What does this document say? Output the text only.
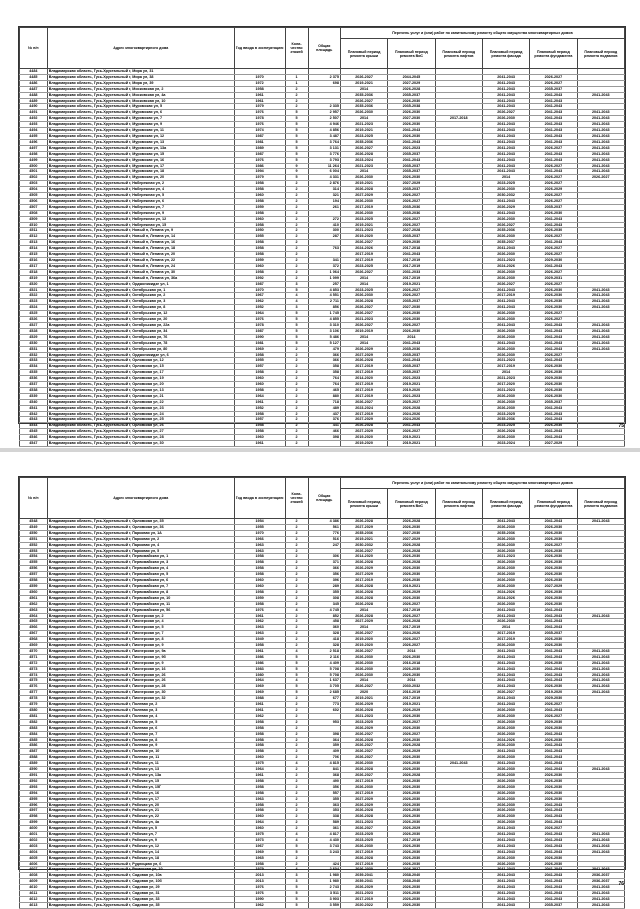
№ п/п	Адрес многоквартирного дома	Год ввода в эксплуатацию	Коли-чество этажей	Общая площадь	Перечень услуг и (или) работ по капитальному ремонту общего имущества многоквартирных домов					
					Плановый период ремонта крыши	Плановый период ремонта ВиС	Плановый период ремонта лифтов	Плановый период ремонта фасада	Плановый период ремонта фундамента	Плановый период ремонта подвалов
4484	Владимирская область, Гусь-Хрустальный г, Мира ул, 31									
4485	Владимирская область, Гусь-Хрустальный г, Мира ул, 38	1970	1	2 375	2026-2027	2044-2045		2041-2043	2026-2027	
4486	Владимирская область, Гусь-Хрустальный г, Мира ул, 39	1972	1	698	2019-2021	2027-2029		2041-2043	2026-2027	
4487	Владимирская область, Гусь-Хрустальный г, Московская ул, 2	1958	2		2014	2026-2028		2041-2043	2035-2037	
4488	Владимирская область, Гусь-Хрустальный г, Московская ул, 4а	1961	2		2035-2036	2035-2037		2041-2043	2041-2043	2041-2043
4489	Владимирская область, Гусь-Хрустальный г, Московская ул, 10	1961	2		2026-2027	2026-2030		2041-2043	2041-2043	
4490	Владимирская область, Гусь-Хрустальный г, Муромская ул, 5	1979	2	2 335	2035-2036	2035-2038		2041-2043	2041-2043	
4491	Владимирская область, Гусь-Хрустальный г, Муромская ул, 6	1976	5	2 957	2026-2030	2026-2030		2026-2027	2041-2043	2041-2043
4492	Владимирская область, Гусь-Хрустальный г, Муромская ул, 7	1978	5	2 507	2014	2027-2030	2017-2018	2026-2030	2041-2043	2041-2043
4493	Владимирская область, Гусь-Хрустальный г, Муромская ул, 9	1976	5	4 946	2021-2023	2026-2030		2041-2043	2041-2043	2041-2043
4494	Владимирская область, Гусь-Хрустальный г, Муромская ул, 11	1974	5	4 856	2019-2021	2041-2043		2041-2043	2041-2043	2041-2043
4495	Владимирская область, Гусь-Хрустальный г, Муромская ул, 12	1987	5	3 487	2023-2025	2026-2030		2041-2043	2041-2043	2041-2043
4496	Владимирская область, Гусь-Хрустальный г, Муромская ул, 13	1981	5	3 764	2035-2036	2041-2043		2041-2043	2041-2043	2041-2043
4497	Владимирская область, Гусь-Хрустальный г, Муромская ул, 13а	1989	5	3 131	2026-2027	2021-2023		2041-2043	2026-2027	2041-2043
4498	Владимирская область, Гусь-Хрустальный г, Муромская ул, 15	1987	5	3 776	2026-2028	2035-2037		2041-2043	2041-2043	2041-2043
4499	Владимирская область, Гусь-Хрустальный г, Муромская ул, 16	1976	5	3 793	2023-2024	2041-2043		2041-2043	2041-2043	2041-2043
4500	Владимирская область, Гусь-Хрустальный г, Муромская ул, 17	1986	9	11 264	2021-2023	2035-2037		2041-2043	2026-2027	2041-2043
4501	Владимирская область, Гусь-Хрустальный г, Муромская ул, 18	1994	9	6 004	2014	2035-2037		2041-2043	2041-2043	2041-2043
4502	Владимирская область, Гусь-Хрустальный г, Муромская ул, 20	1979	5	4 331	2026-2030	2026-2030		2014	2026-2027	2026-2027
4503	Владимирская область, Гусь-Хрустальный г, Набережная ул, 2	1958	2	2 876	2019-2021	2027-2029		2023-2025	2026-2027	
4504	Владимирская область, Гусь-Хрустальный г, Набережная ул, 4	1958	2	314	2026-2028	2035-2037		2026-2030	2026-2029	
4505	Владимирская область, Гусь-Хрустальный г, Набережная ул, 5	1960	2	321	2027-2029	2026-2027		2030-2032	2026-2027	
4506	Владимирская область, Гусь-Хрустальный г, Набережная ул, 6	1958	2	194	2026-2030	2026-2027		2041-2043	2026-2027	
4507	Владимирская область, Гусь-Хрустальный г, Набережная ул, 7	1959	2	261	2017-2019	2035-2036		2026-2029	2035-2037	
4508	Владимирская область, Гусь-Хрустальный г, Набережная ул, 9	1958	2		2026-2030	2035-2036		2041-2043	2026-2030	
4509	Владимирская область, Гусь-Хрустальный г, Набережная ул, 12	1960	2	272	2023-2025	2026-2027		2026-2030	2041-2043	
4510	Владимирская область, Гусь-Хрустальный г, Набережная ул, 15	1958	2	410	2019-2021	2026-2027		2026-2027	2041-2043	
4511	Владимирская область, Гусь-Хрустальный г, Новый п, Ленина ул, 9	1950	2	300	2021-2023	2027-2028		2035-2036	2026-2030	
4512	Владимирская область, Гусь-Хрустальный г, Новый п, Ленина ул, 14	1955	2	287	2019-2020	2035-2037		2026-2030	2026-2027	
4513	Владимирская область, Гусь-Хрустальный г, Новый п, Ленина ул, 16	1958	2		2026-2027	2029-2030		2035-2037	2041-2043	
4514	Владимирская область, Гусь-Хрустальный г, Новый п, Ленина ул, 18	1958	2	763	2024-2026	2017-2018		2041-2043	2026-2027	
4515	Владимирская область, Гусь-Хрустальный г, Новый п, Ленина ул, 20	1958	2		2017-2019	2041-2043		2026-2030	2026-2027	
4516	Владимирская область, Гусь-Хрустальный г, Новый п, Ленина ул, 22	1959	2	341	2017-2019	2017-2019		2021-2023	2029-2030	
4517	Владимирская область, Гусь-Хрустальный г, Новый п, Ленина ул, 24	1960	2	372	2023-2025	2017-2019		2024-2026	2041-2043	
4518	Владимирская область, Гусь-Хрустальный г, Новый п, Ленина ул, 30	1958	2	1 064	2026-2027	2031-2033		2026-2030	2026-2027	
4519	Владимирская область, Гусь-Хрустальный г, Новый п, Ленина ул, 36а	1992	2	1 099	2014	2017-2019		2026-2030	2029-2031	
4520	Владимирская область, Гусь-Хрустальный г, Орджоникидзе ул, 1	1987	3	257	2014	2019-2021		2026-2027	2026-2027	
4521	Владимирская область, Гусь-Хрустальный г, Октябрьская ул, 1	1970	5	4 853	2023-2025	2026-2027		2041-2043	2026-2030	2041-2043
4522	Владимирская область, Гусь-Хрустальный г, Октябрьская ул, 2	1967	4	4 551	2026-2030	2026-2027		2017-2019	2026-2030	2041-2043
4523	Владимирская область, Гусь-Хрустальный г, Октябрьская ул, 3	1962	4	2 711	2026-2028	2035-2037		2041-2043	2026-2030	2041-2043
4524	Владимирская область, Гусь-Хрустальный г, Октябрьская ул, 8	1952	3	856	2026-2027	2027-2030		2041-2043	2026-2030	2041-2043
4525	Владимирская область, Гусь-Хрустальный г, Октябрьская ул, 12	1964	5	1 745	2026-2027	2026-2030		2026-2030	2026-2027	
4526	Владимирская область, Гусь-Хрустальный г, Октябрьская ул, 20	1976	5	4 855	2021-2023	2026-2030		2026-2030	2026-2027	
4527	Владимирская область, Гусь-Хрустальный г, Октябрьская ул, 22а	1978	5	3 310	2026-2027	2026-2027		2041-2043	2041-2043	2041-2043
4528	Владимирская область, Гусь-Хрустальный г, Октябрьская ул, 34	1987	5	3 106	2019-2019	2026-2030		2026-2030	2041-2043	2041-2043
4529	Владимирская область, Гусь-Хрустальный г, Октябрьская ул, 76	1990	5	5 486	2014	2014		2026-2030	2041-2043	2041-2043
4530	Владимирская область, Гусь-Хрустальный г, Октябрьская ул, 78	1981	5	5 127	2014	2041-2043		2041-2043	2041-2043	2041-2043
4531	Владимирская область, Гусь-Хрустальный г, Октябрьская ул, 80	1969	2	479	2026-2029	2035-2036		2026-2030	2041-2043	2041-2043
4532	Владимирская область, Гусь-Хрустальный г, Орджоникидзе ул, 6	1958	2	366	2027-2029	2035-2037		2026-2030	2026-2027	
4533	Владимирская область, Гусь-Хрустальный г, Орловская ул, 12	1955	2	366	2026-2028	2041-2043		2021-2023	2041-2043	
4534	Владимирская область, Гусь-Хрустальный г, Орловская ул, 15	1957	2	358	2017-2019	2035-2037		2017-2019	2026-2030	
4535	Владимирская область, Гусь-Хрустальный г, Орловская ул, 17	1958	2	358	2017-2019	2035-2037		2014	2026-2030	
4536	Владимирская область, Гусь-Хрустальный г, Орловская ул, 19	1960	2	764	2014-2020	2021-2023		2021-2023	2029-2030	
4537	Владимирская область, Гусь-Хрустальный г, Орловская ул, 20	1960	2	764	2017-2019	2019-2021		2017-2020	2026-2030	
4538	Владимирская область, Гусь-Хрустальный г, Орловская ул, 13	1958	2	465	2017-2019	2019-2020		2021-2023	2026-2030	
4539	Владимирская область, Гусь-Хрустальный г, Орловская ул, 21	1964	2	880	2017-2019	2021-2023		2026-2030	2026-2030	
4540	Владимирская область, Гусь-Хрустальный г, Орловская ул, 22	1961	2	718	2026-2027	2025-2027		2026-2030	2035-2037	
4541	Владимирская область, Гусь-Хрустальный г, Орловская ул, 23	1952	2	489	2023-2024	2026-2028		2026-2030	2041-2043	
4542	Владимирская область, Гусь-Хрустальный г, Орловская ул, 24	1958	2	437	2017-2019	2024-2026		2023-2025	2041-2043	
4543	Владимирская область, Гусь-Хрустальный г, Орловская ул, 25	1957	2	376	2027-2029	2024-2026		2035-2036	2041-2043	
4544	Владимирская область, Гусь-Хрустальный г, Орловская ул, 26	1958	2	441	2026-2028	2041-2043		2023-2025	2026-2030	
4545	Владимирская область, Гусь-Хрустальный г, Орловская ул, 27	1958	2	466	2027-2029	2026-2027		2026-2028	2041-2043	
4546	Владимирская область, Гусь-Хрустальный г, Орловская ул, 28	1960	2	398	2019-2020	2019-2021		2026-2030	2041-2043	
4547	Владимирская область, Гусь-Хрустальный г, Орловская ул, 30	1961	2		2019-2020	2019-2021		2023-2024	2027-2029	
75
№ п/п	Адрес многоквартирного дома	Год ввода в эксплуатацию	Коли-чество этажей	Общая площадь	Перечень услуг и (или) работ по капитальному ремонту общего имущества многоквартирных домов					
					Плановый период ремонта крыши	Плановый период ремонта ВиС	Плановый период ремонта лифтов	Плановый период ремонта фасада	Плановый период ремонта фундамента	Плановый период ремонта подвалов
4548	Владимирская область, Гусь-Хрустальный г, Орловская ул, 35	1954	2	4 386	2026-2028	2026-2028		2041-2043	2041-2043	2041-2043
4549	Владимирская область, Гусь-Хрустальный г, Орловская ул, 36	1955	2	561	2027-2029	2026-2030		2026-2030	2026-2030	
4550	Владимирская область, Гусь-Хрустальный г, Парковая ул, 1А	1970	2	776	2035-2036	2027-2030		2035-2036	2026-2030	
4551	Владимирская область, Гусь-Хрустальный г, Парковая ул, 2	1966	2	516	2019-2021	2027-2029		2026-2030	2026-2030	
4552	Владимирская область, Гусь-Хрустальный г, Парковая ул, 4	1963	2	247	2030-2032	2026-2028		2026-2030	2026-2027	
4553	Владимирская область, Гусь-Хрустальный г, Парковая ул, 5	1963	2		2026-2027	2026-2028		2026-2030	2026-2030	
4554	Владимирская область, Гусь-Хрустальный г, Первомайская ул, 1	1958	2	306	2014-2020	2026-2030		2021-2023	2026-2030	
4555	Владимирская область, Гусь-Хрустальный г, Первомайская ул, 3	1958	2	371	2026-2028	2026-2028		2026-2030	2026-2030	
4556	Владимирская область, Гусь-Хрустальный г, Первомайская ул, 4	1958	2	366	2026-2029	2026-2030		2026-2030	2026-2030	
4557	Владимирская область, Гусь-Хрустальный г, Первомайская ул, 5	1958	2	356	2027-2029	2026-2030		2026-2030	2026-2030	
4558	Владимирская область, Гусь-Хрустальный г, Первомайская ул, 6	1960	2	396	2017-2019	2026-2030		2026-2030	2026-2030	
4559	Владимирская область, Гусь-Хрустальный г, Первомайская ул, 7	1960	2	289	2026-2028	2019-2021		2026-2030	2027-2029	
4560	Владимирская область, Гусь-Хрустальный г, Первомайская ул, 8	1958	2	355	2026-2028	2026-2029		2024-2026	2026-2030	
4561	Владимирская область, Гусь-Хрустальный г, Первомайская ул, 10	1959	2	308	2026-2028	2026-2030		2024-2026	2026-2030	
4562	Владимирская область, Гусь-Хрустальный г, Первомайская ул, 11	1958	2	345	2026-2028	2026-2027		2026-2030	2026-2030	
4563	Владимирская область, Гусь-Хрустальный г, Первомайская ул, 56	1976	4	4 745	2014	2017-2019		2041-2043	2041-2043	
4564	Владимирская область, Гусь-Хрустальный г, Пионерская ул, 2	1961	2	852	2026-2028	2026-2027		2041-2043	2041-2043	2041-2043
4565	Владимирская область, Гусь-Хрустальный г, Пионерская ул, 4	1962	2	458	2027-2029	2026-2028		2026-2030	2041-2043	
4566	Владимирская область, Гусь-Хрустальный г, Пионерская ул, 5	1963	2	360	2014	2017-2019		2014	2041-2043	
4567	Владимирская область, Гусь-Хрустальный г, Пионерская ул, 7	1963	2	328	2026-2027	2024-2026		2017-2019	2035-2037	
4568	Владимирская область, Гусь-Хрустальный г, Пионерская ул, 8	1949	2	418	2019-2020	2026-2027		2017-2019	2026-2030	
4569	Владимирская область, Гусь-Хрустальный г, Пионерская ул, 9	1958	2	328	2019-2020	2026-2027		2026-2030	2026-2030	
4570	Владимирская область, Гусь-Хрустальный г, Пионерская ул, 9а	1961	4	2 518	2026-2027	2014		2041-2043	2041-2043	2041-2043
4571	Владимирская область, Гусь-Хрустальный г, Пионерская ул, 9б	1986	5	2 116	2026-2030	2026-2030		2041-2043	2041-2043	2041-2043
4572	Владимирская область, Гусь-Хрустальный г, Пионерская ул, 9	1986	5	4 409	2026-2030	2016-2018		2041-2043	2026-2030	2041-2043
4573	Владимирская область, Гусь-Хрустальный г, Пионерская ул, 16	1983	5	5 708	2026-2030	2026-2030		2041-2043	2041-2043	2041-2043
4574	Владимирская область, Гусь-Хрустальный г, Пионерская ул, 26	1980	5	5 708	2026-2030	2026-2030		2041-2043	2041-2043	2041-2043
4575	Владимирская область, Гусь-Хрустальный г, Пионерская ул, 26	1964	4	1 637	2014	2014		2041-2043	2041-2043	2041-2043
4576	Владимирская область, Гусь-Хрустальный г, Пионерская ул, 28	1969	5	3 705	2026-2027	2030-2032		2041-2043	2026-2030	2041-2043
4577	Владимирская область, Гусь-Хрустальный г, Пионерская ул, 30	1969	5	2 685	2020	2016-2019		2026-2027	2019-2020	2041-2043
4578	Владимирская область, Гусь-Хрустальный г, Пионерская ул, 32	1988	2	677	2019-2021	2017-2019		2041-2043	2029-2030	
4579	Владимирская область, Гусь-Хрустальный г, Полевая ул, 2	1961	2	773	2026-2029	2019-2021		2041-2043	2026-2027	
4580	Владимирская область, Гусь-Хрустальный г, Полевая ул, 3	1961	2	602	2026-2028	2026-2029		2026-2030	2041-2043	
4581	Владимирская область, Гусь-Хрустальный г, Полевая ул, 4	1962	2		2021-2023	2026-2030		2026-2030	2026-2027	
4582	Владимирская область, Гусь-Хрустальный г, Полевая ул, 5	1958	2	953	2023-2025	2026-2027		2026-2030	2029-2030	
4583	Владимирская область, Гусь-Хрустальный г, Полевая ул, 6	1958	2		2026-2029	2026-2030		2026-2030	2026-2030	
4584	Владимирская область, Гусь-Хрустальный г, Полевая ул, 7	1958	2	398	2026-2027	2026-2027		2026-2030	2041-2043	
4585	Владимирская область, Гусь-Хрустальный г, Полевая ул, 8	1958	2	364	2026-2028	2026-2030		2024-2026	2026-2030	
4586	Владимирская область, Гусь-Хрустальный г, Полевая ул, 9	1958	2	359	2026-2027	2026-2028		2026-2030	2041-2043	
4587	Владимирская область, Гусь-Хрустальный г, Полевая ул, 10	1958	2	409	2026-2027	2026-2029		2041-2043	2041-2043	
4588	Владимирская область, Гусь-Хрустальный г, Полевая ул, 11	1960	2	706	2026-2027	2026-2030		2026-2030	2041-2043	
4589	Владимирская область, Гусь-Хрустальный г, Рабочая ул, 11	1975	4	4 815	2026-2030	2026-2030	2041-2043	2041-2043	2041-2043	
4590	Владимирская область, Гусь-Хрустальный г, Рабочая ул, 13	1964	2	841	2026-2028	2026-2030		2026-2030	2041-2043	2041-2043
4591	Владимирская область, Гусь-Хрустальный г, Рабочая ул, 13а	1961	2	368	2026-2027	2026-2028		2026-2030	2026-2030	
4592	Владимирская область, Гусь-Хрустальный г, Рабочая ул, 15	1958	2	490	2017-2019	2026-2030		2026-2030	2026-2030	
4593	Владимирская область, Гусь-Хрустальный г, Рабочая ул, 15Г	1958	2	356	2026-2030	2026-2030		2026-2030	2026-2030	
4594	Владимирская область, Гусь-Хрустальный г, Рабочая ул, 16	1958	2	557	2017-2019	2026-2030		2026-2030	2026-2030	
4595	Владимирская область, Гусь-Хрустальный г, Рабочая ул, 17	1963	2	355	2027-2029	2026-2030		2026-2030	2026-2030	
4596	Владимирская область, Гусь-Хрустальный г, Рабочая ул, 20	1958	2	363	2026-2029	2026-2030		2026-2030	2041-2043	
4597	Владимирская область, Гусь-Хрустальный г, Рабочая ул, 21	1958	2	353	2026-2028	2026-2030		2026-2030	2041-2043	
4598	Владимирская область, Гусь-Хрустальный г, Рабочая ул, 22	1960	2	338	2026-2028	2026-2030		2026-2030	2041-2043	
4599	Владимирская область, Гусь-Хрустальный г, Рабочая ул, 4а	1964	2	589	2021-2023	2026-2030		2026-2030	2041-2043	
4600	Владимирская область, Гусь-Хрустальный г, Рабочая ул, 5	1960	2	361	2026-2027	2026-2029		2041-2043	2026-2027	
4601	Владимирская область, Гусь-Хрустальный г, Рабочая ул, 7	1975	4	4 817	2023-2025	2026-2030		2041-2043	2041-2043	2041-2043
4602	Владимирская область, Гусь-Хрустальный г, Рабочая ул, 9	1973	4	4 430	2023-2025	2017-2019		2041-2043	2041-2043	2041-2043
4603	Владимирская область, Гусь-Хрустальный г, Рабочая ул, 12	1967	5	3 743	2026-2030	2026-2030		2041-2043	2041-2043	2041-2043
4604	Владимирская область, Гусь-Хрустальный г, Рабочая ул, 14	1969	5	3 243	2017-2019	2026-2030		2041-2043	2041-2043	2041-2043
4605	Владимирская область, Гусь-Хрустальный г, Рабочая ул, 18	1965	2		2026-2028	2026-2030		2026-2030	2026-2030	
4606	Владимирская область, Гусь-Хрустальный г, Рудницкая ул, 6	1958	2	424	2017-2019	2026-2030		2026-2030	2026-2030	
4607	Владимирская область, Гусь-Хрустальный г, Рязанская ул, 10	1979	4	2 604	2026-2030	2026-2027		2041-2043	2041-2043	2041-2043
4608	Владимирская область, Гусь-Хрустальный г, Садовая ул, 10а	2013	3	1 980	2039-2041	2038-2040		2041-2043	2041-2043	2036-2037
4609	Владимирская область, Гусь-Хрустальный г, Садовая ул, 10б	2013	3	1 980	2039-2041	2038-2040		2041-2043	2041-2043	2036-2037
4610	Владимирская область, Гусь-Хрустальный г, Садовая ул, 29	1976	5	2 743	2026-2029	2026-2030		2041-2043	2041-2043	2041-2043
4611	Владимирская область, Гусь-Хрустальный г, Садовая ул, 31	1976	5	3 511	2021-2023	2026-2030		2041-2043	2041-2043	2041-2043
4612	Владимирская область, Гусь-Хрустальный г, Садовая ул, 33	1990	5	3 903	2017-2019	2026-2030		2041-2043	2041-2043	2041-2043
4613	Владимирская область, Гусь-Хрустальный г, Садовая ул, 35	1962	5	3 559	2020-2022	2026-2030		2041-2043	2035-2037	2041-2043
76
